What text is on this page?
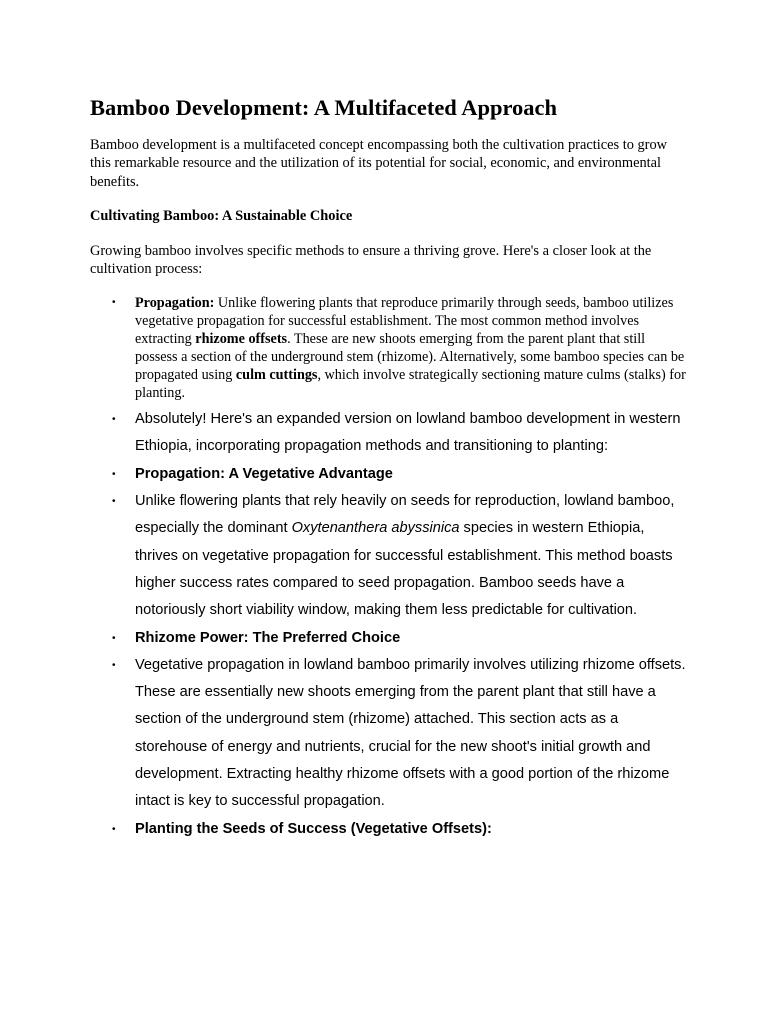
Bamboo Development: A Multifaceted Approach

Bamboo development is a multifaceted concept encompassing both the cultivation practices to grow this remarkable resource and the utilization of its potential for social, economic, and environmental benefits.

Cultivating Bamboo: A Sustainable Choice

Growing bamboo involves specific methods to ensure a thriving grove. Here's a closer look at the cultivation process:

• Propagation: Unlike flowering plants that reproduce primarily through seeds, bamboo utilizes vegetative propagation for successful establishment. The most common method involves extracting rhizome offsets. These are new shoots emerging from the parent plant that still possess a section of the underground stem (rhizome). Alternatively, some bamboo species can be propagated using culm cuttings, which involve strategically sectioning mature culms (stalks) for planting.
• Absolutely! Here's an expanded version on lowland bamboo development in western Ethiopia, incorporating propagation methods and transitioning to planting:
• Propagation: A Vegetative Advantage
• Unlike flowering plants that rely heavily on seeds for reproduction, lowland bamboo, especially the dominant Oxytenanthera abyssinica species in western Ethiopia, thrives on vegetative propagation for successful establishment. This method boasts higher success rates compared to seed propagation. Bamboo seeds have a notoriously short viability window, making them less predictable for cultivation.
• Rhizome Power: The Preferred Choice
• Vegetative propagation in lowland bamboo primarily involves utilizing rhizome offsets. These are essentially new shoots emerging from the parent plant that still have a section of the underground stem (rhizome) attached. This section acts as a storehouse of energy and nutrients, crucial for the new shoot's initial growth and development. Extracting healthy rhizome offsets with a good portion of the rhizome intact is key to successful propagation.
• Planting the Seeds of Success (Vegetative Offsets):
